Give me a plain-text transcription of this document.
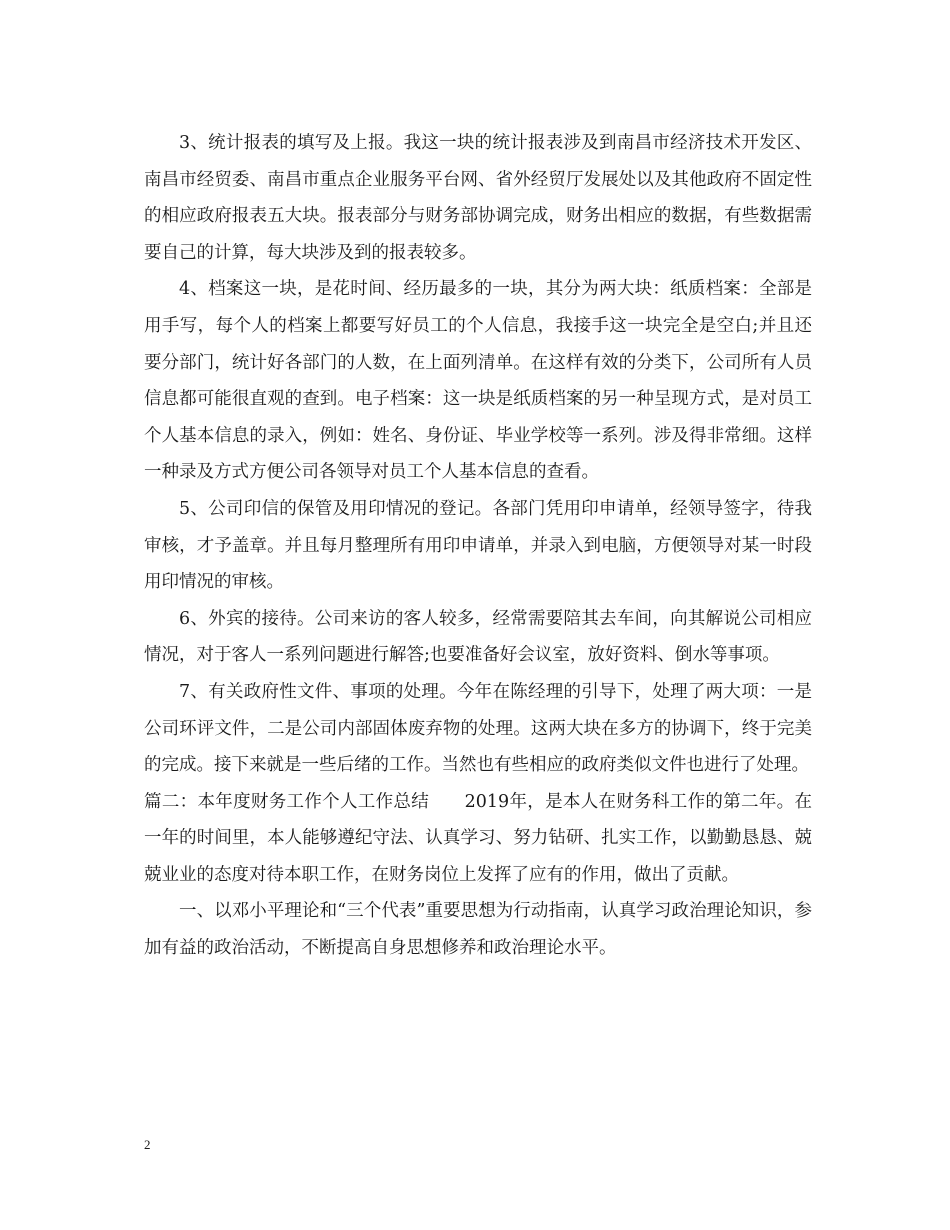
3、统计报表的填写及上报。我这一块的统计报表涉及到南昌市经济技术开发区、南昌市经贸委、南昌市重点企业服务平台网、省外经贸厅发展处以及其他政府不固定性的相应政府报表五大块。报表部分与财务部协调完成，财务出相应的数据，有些数据需要自己的计算，每大块涉及到的报表较多。

4、档案这一块，是花时间、经历最多的一块，其分为两大块：纸质档案：全部是用手写，每个人的档案上都要写好员工的个人信息，我接手这一块完全是空白;并且还要分部门，统计好各部门的人数，在上面列清单。在这样有效的分类下，公司所有人员信息都可能很直观的查到。电子档案：这一块是纸质档案的另一种呈现方式，是对员工个人基本信息的录入，例如：姓名、身份证、毕业学校等一系列。涉及得非常细。这样一种录及方式方便公司各领导对员工个人基本信息的查看。

5、公司印信的保管及用印情况的登记。各部门凭用印申请单，经领导签字，待我审核，才予盖章。并且每月整理所有用印申请单，并录入到电脑，方便领导对某一时段用印情况的审核。

6、外宾的接待。公司来访的客人较多，经常需要陪其去车间，向其解说公司相应情况，对于客人一系列问题进行解答;也要准备好会议室，放好资料、倒水等事项。

7、有关政府性文件、事项的处理。今年在陈经理的引导下，处理了两大项：一是公司环评文件，二是公司内部固体废弃物的处理。这两大块在多方的协调下，终于完美的完成。接下来就是一些后绪的工作。当然也有些相应的政府类似文件也进行了处理。

篇二：本年度财务工作个人工作总结　　2019年，是本人在财务科工作的第二年。在一年的时间里，本人能够遵纪守法、认真学习、努力钻研、扎实工作，以勤勤恳恳、兢兢业业的态度对待本职工作，在财务岗位上发挥了应有的作用，做出了贡献。

一、以邓小平理论和“三个代表”重要思想为行动指南，认真学习政治理论知识，参加有益的政治活动，不断提高自身思想修养和政治理论水平。

2
